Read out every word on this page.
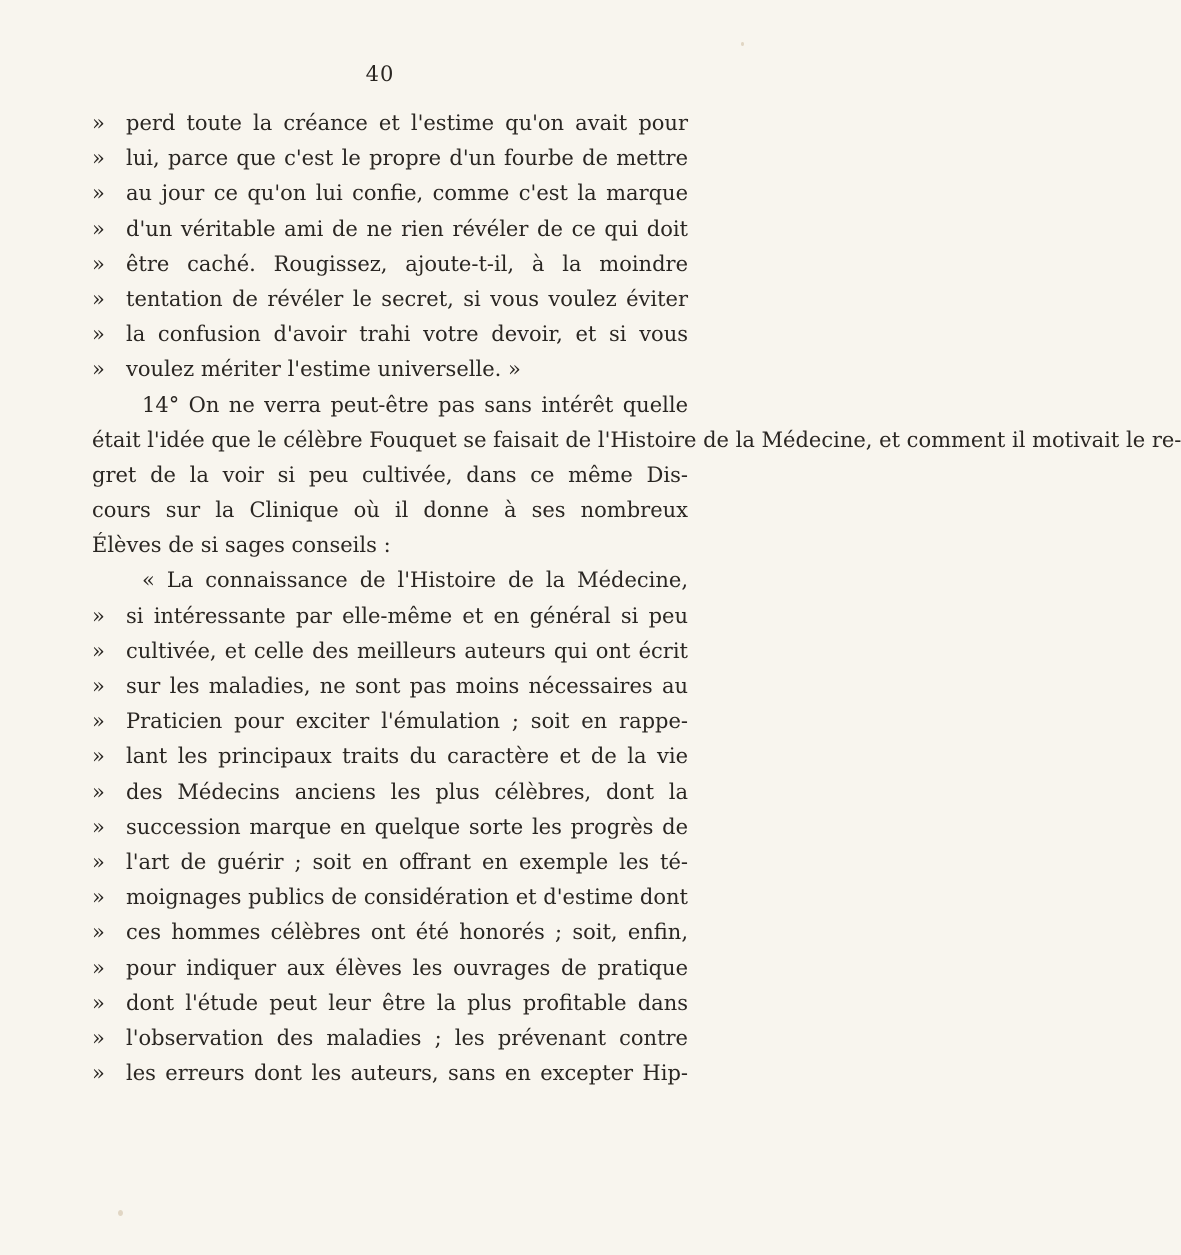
40
»	perd toute la créance et l'estime qu'on avait pour
»	lui, parce que c'est le propre d'un fourbe de mettre
»	au jour ce qu'on lui confie, comme c'est la marque
»	d'un véritable ami de ne rien révéler de ce qui doit
»	être caché. Rougissez, ajoute-t-il, à la moindre
»	tentation de révéler le secret, si vous voulez éviter
»	la confusion d'avoir trahi votre devoir, et si vous
»	voulez mériter l'estime universelle. »
14° On ne verra peut-être pas sans intérêt quelle
était l'idée que le célèbre Fouquet se faisait de l'Histoire de la Médecine, et comment il motivait le re-
gret de la voir si peu cultivée, dans ce même Dis-
cours sur la Clinique où il donne à ses nombreux
Élèves de si sages conseils :
« La connaissance de l'Histoire de la Médecine,
»	si intéressante par elle-même et en général si peu
»	cultivée, et celle des meilleurs auteurs qui ont écrit
»	sur les maladies, ne sont pas moins nécessaires au
»	Praticien pour exciter l'émulation ; soit en rappe-
»	lant les principaux traits du caractère et de la vie
»	des Médecins anciens les plus célèbres, dont la
»	succession marque en quelque sorte les progrès de
»	l'art de guérir ; soit en offrant en exemple les té-
»	moignages publics de considération et d'estime dont
»	ces hommes célèbres ont été honorés ; soit, enfin,
»	pour indiquer aux élèves les ouvrages de pratique
»	dont l'étude peut leur être la plus profitable dans
»	l'observation des maladies ; les prévenant contre
»	les erreurs dont les auteurs, sans en excepter Hip-
